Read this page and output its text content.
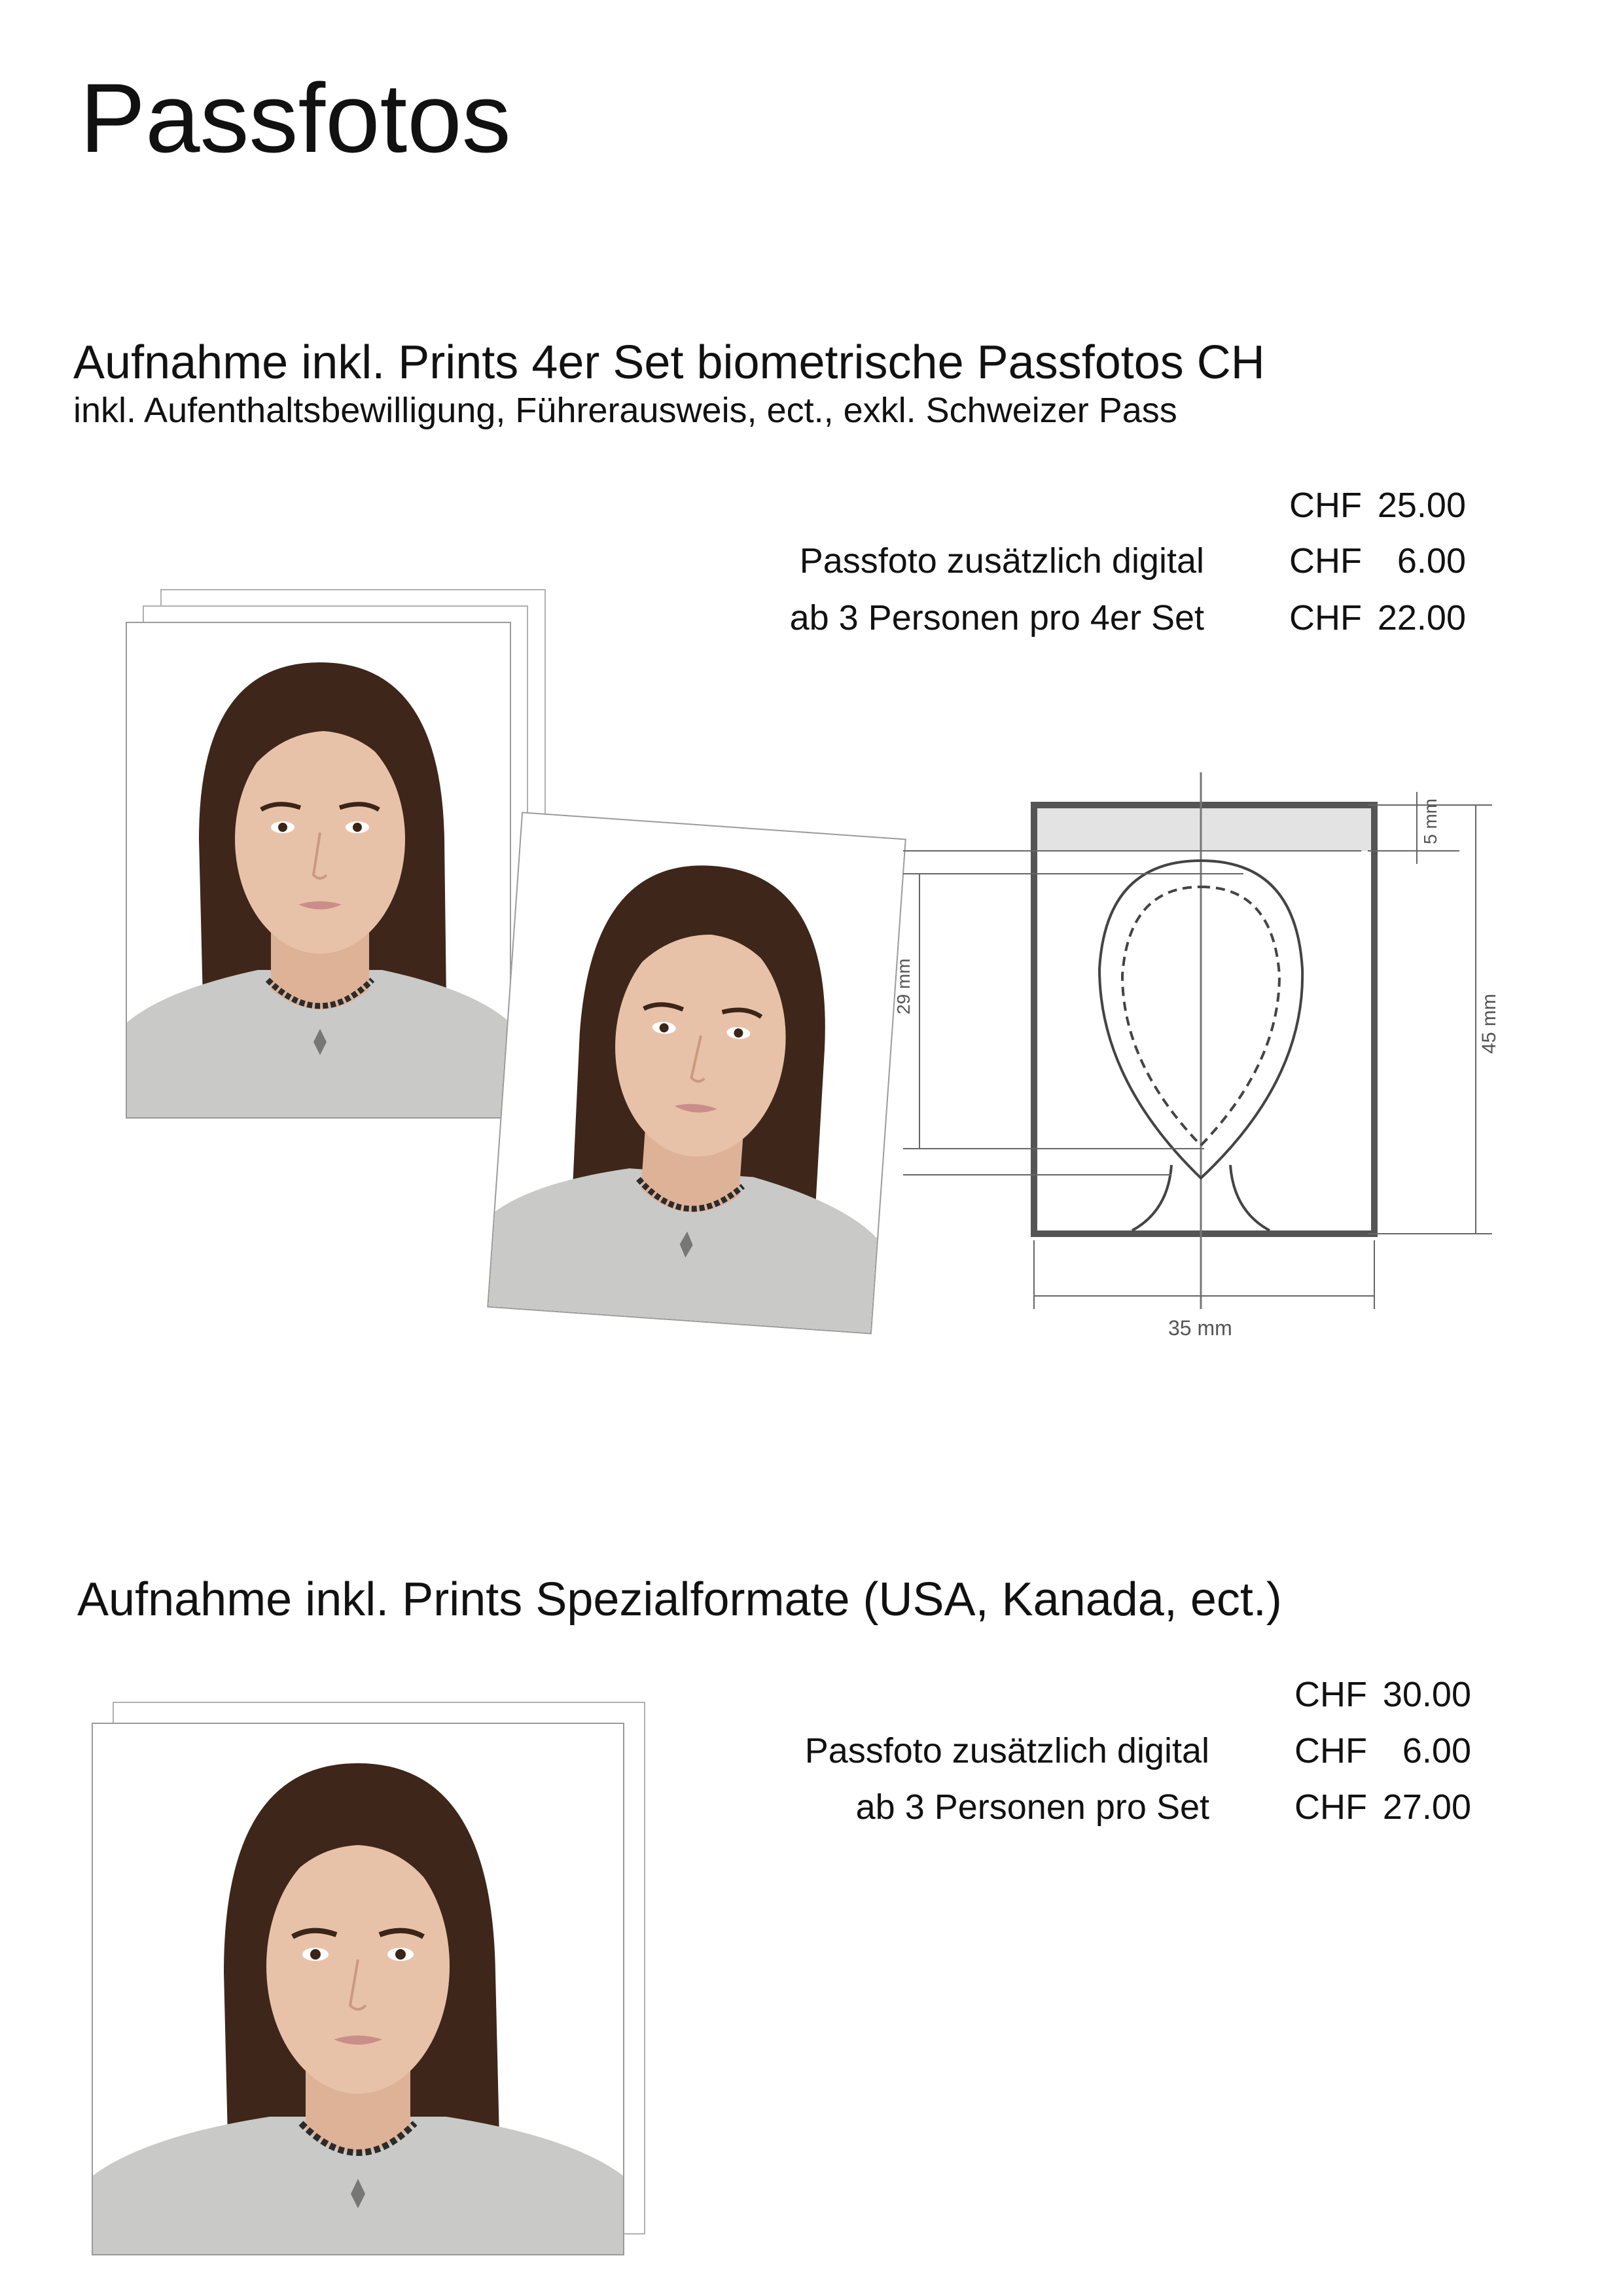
Passfotos
Aufnahme inkl. Prints 4er Set biometrische Passfotos CH
inkl. Aufenthaltsbewilligung, Führerausweis, ect., exkl. Schweizer Pass
CHF 25.00
Passfoto zusätzlich digital CHF 6.00
ab 3 Personen pro 4er Set CHF 22.00
29 mm
5 mm
45 mm
35 mm
Aufnahme inkl. Prints Spezialformate (USA, Kanada, ect.)
CHF 30.00
Passfoto zusätzlich digital CHF 6.00
ab 3 Personen pro Set CHF 27.00
